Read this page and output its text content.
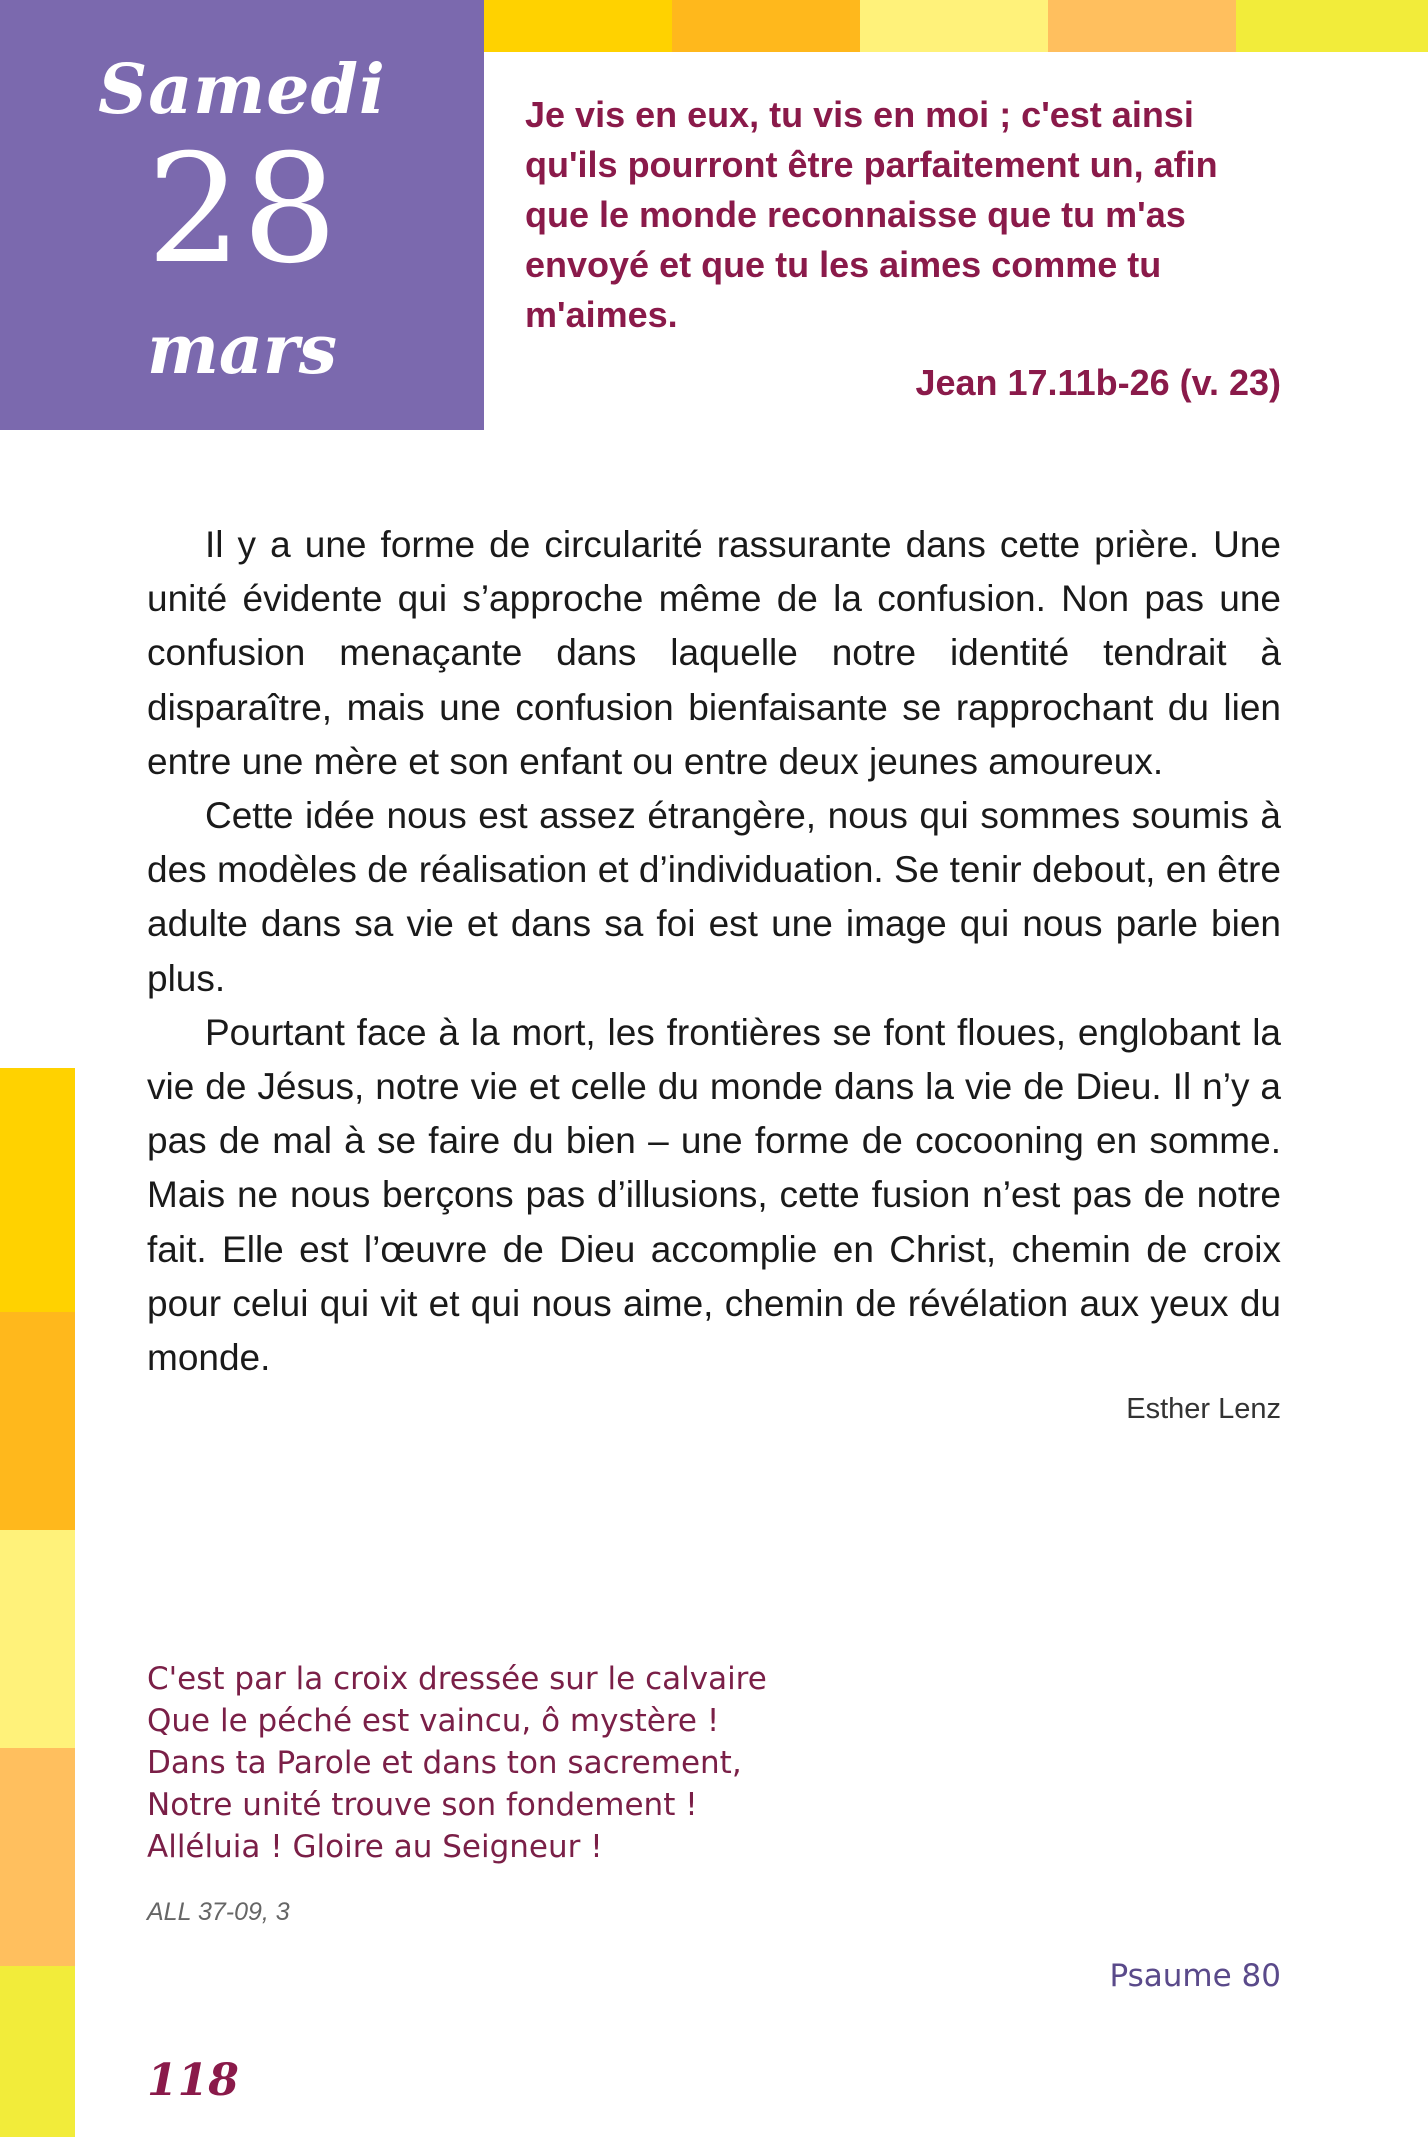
Samedi
28
mars
Je vis en eux, tu vis en moi ; c'est ainsi qu'ils pourront être parfaitement un, afin que le monde reconnaisse que tu m'as envoyé et que tu les aimes comme tu m'aimes.
Jean 17.11b-26 (v. 23)

Il y a une forme de circularité rassurante dans cette prière. Une unité évidente qui s’approche même de la confusion. Non pas une confusion menaçante dans laquelle notre identité tendrait à disparaître, mais une confusion bienfaisante se rapprochant du lien entre une mère et son enfant ou entre deux jeunes amoureux.

Cette idée nous est assez étrangère, nous qui sommes soumis à des modèles de réalisation et d’individuation. Se tenir debout, en être adulte dans sa vie et dans sa foi est une image qui nous parle bien plus.

Pourtant face à la mort, les frontières se font floues, englobant la vie de Jésus, notre vie et celle du monde dans la vie de Dieu. Il n’y a pas de mal à se faire du bien – une forme de cocooning en somme. Mais ne nous berçons pas d’illusions, cette fusion n’est pas de notre fait. Elle est l’œuvre de Dieu accomplie en Christ, chemin de croix pour celui qui vit et qui nous aime, chemin de révélation aux yeux du monde.

Esther Lenz
C'est par la croix dressée sur le calvaire
Que le péché est vaincu, ô mystère !
Dans ta Parole et dans ton sacrement,
Notre unité trouve son fondement !
Alléluia ! Gloire au Seigneur !
ALL 37-09, 3
Psaume 80
118
